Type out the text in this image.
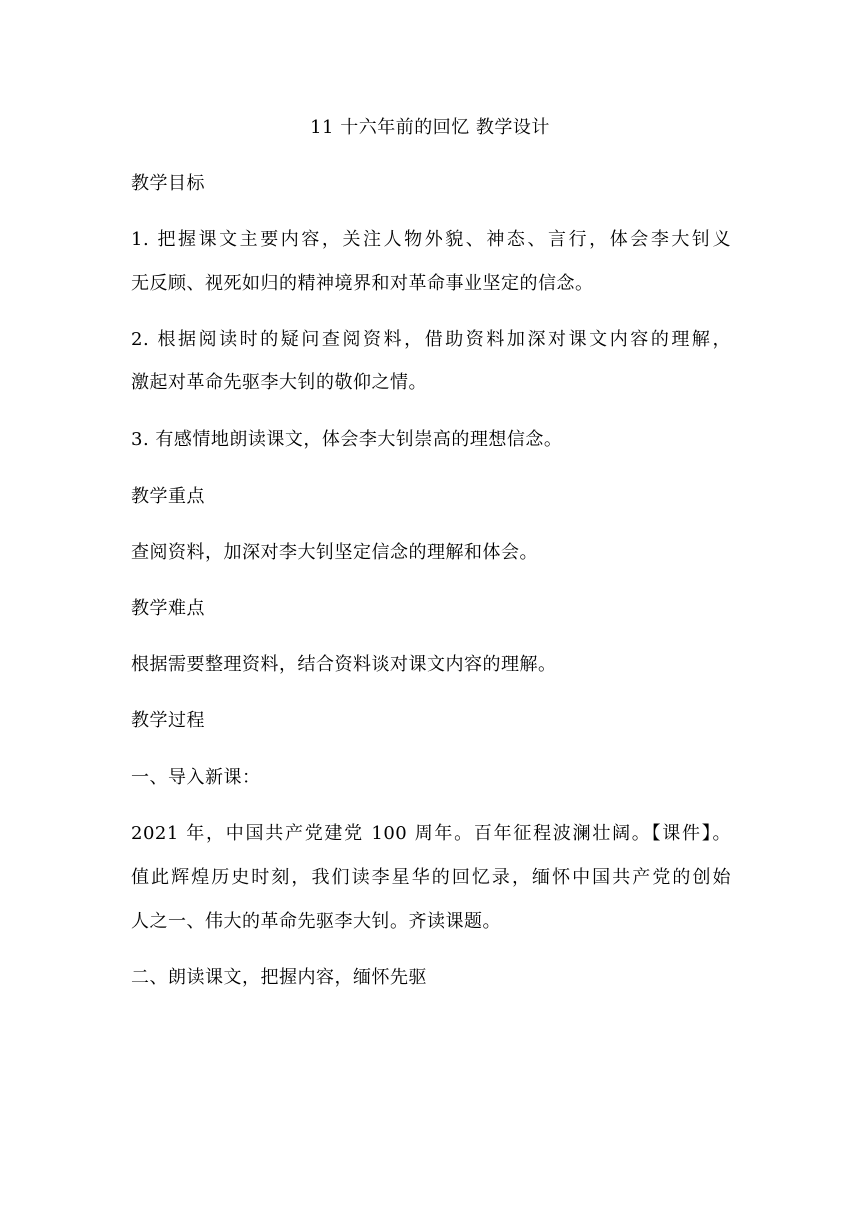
11 十六年前的回忆 教学设计
教学目标
1. 把握课文主要内容，关注人物外貌、神态、言行，体会李大钊义
无反顾、视死如归的精神境界和对革命事业坚定的信念。
2. 根据阅读时的疑问查阅资料，借助资料加深对课文内容的理解，
激起对革命先驱李大钊的敬仰之情。
3. 有感情地朗读课文，体会李大钊崇高的理想信念。
教学重点
查阅资料，加深对李大钊坚定信念的理解和体会。
教学难点
根据需要整理资料，结合资料谈对课文内容的理解。
教学过程
一、导入新课：
2021 年，中国共产党建党 100 周年。百年征程波澜壮阔。【课件】。
值此辉煌历史时刻，我们读李星华的回忆录，缅怀中国共产党的创始
人之一、伟大的革命先驱李大钊。齐读课题。
二、朗读课文，把握内容，缅怀先驱
